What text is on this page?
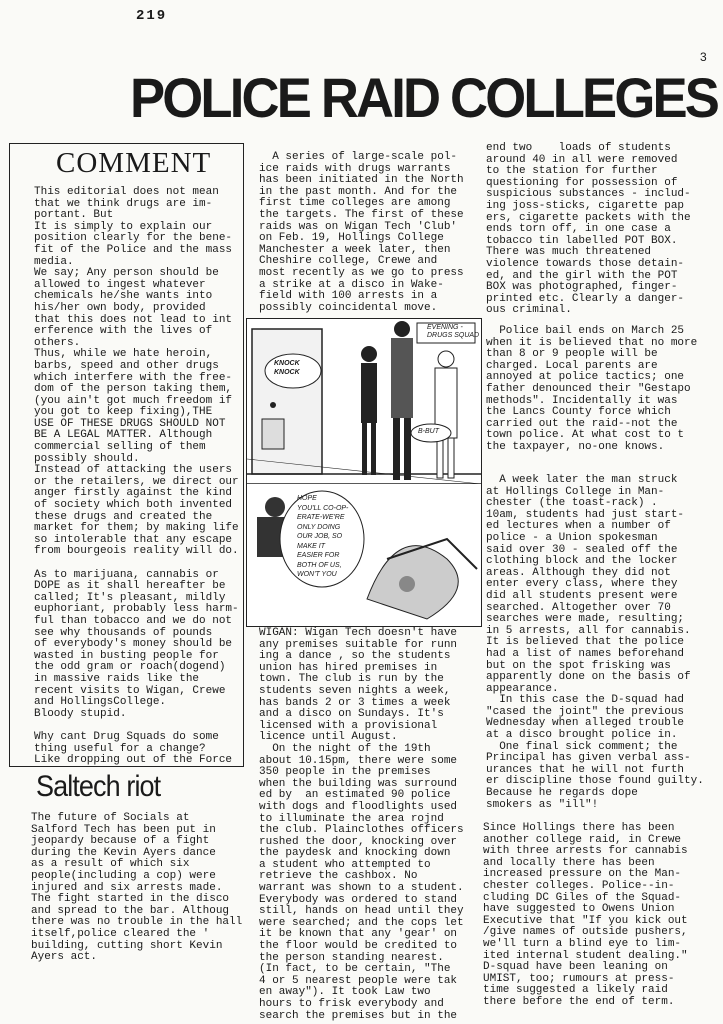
219
3
POLICE RAID COLLEGES
COMMENT
This editorial does not mean
that we think drugs are im-
portant. But
It is simply to explain our
position clearly for the bene-
fit of the Police and the mass
media.
We say; Any person should be
allowed to ingest whatever
chemicals he/she wants into
his/her own body, provided
that this does not lead to int
erference with the lives of
others.
Thus, while we hate heroin,
barbs, speed and other drugs
which interfere with the free-
dom of the person taking them,
(you ain't got much freedom if
you got to keep fixing),THE
USE OF THESE DRUGS SHOULD NOT
BE A LEGAL MATTER. Although
commercial selling of them
possibly should.
Instead of attacking the users
or the retailers, we direct our
anger firstly against the kind
of society which both invented
these drugs and created the
market for them; by making life
so intolerable that any escape
from bourgeois reality will do.

As to marijuana, cannabis or
DOPE as it shall hereafter be
called; It's pleasant, mildly
euphoriant, probably less harm-
ful than tobacco and we do not
see why thousands of pounds
of everybody's money should be
wasted in busting people for
the odd gram or roach(dogend)
in massive raids like the
recent visits to Wigan, Crewe
and HollingsCollege.
Bloody stupid.

Why cant Drug Squads do some
thing useful for a change?
Like dropping out of the Force
Saltech riot
The future of Socials at
Salford Tech has been put in
jeopardy because of a fight
during the Kevin Ayers dance
as a result of which six
people(including a cop) were
injured and six arrests made.
The fight started in the disco
and spread to the bar. Althoug
there was no trouble in the hall
itself,police cleared the '
building, cutting short Kevin
Ayers act.
A series of large-scale pol-
ice raids with drugs warrants
has been initiated in the North
in the past month. And for the
first time colleges are among
the targets. The first of these
raids was on Wigan Tech 'Club'
on Feb. 19, Hollings College
Manchester a week later, then
Cheshire college, Crewe and
most recently as we go to press
a strike at a disco in Wake-
field with 100 arrests in a
possibly coincidental move.
EVENING -
DRUGS SQUAD
KNOCK
KNOCK
B-BUT
HOPE
YOU'LL CO-OP-
ERATE-WE'RE
ONLY DOING
OUR JOB, SO
MAKE IT
EASIER FOR
BOTH OF US,
WON'T YOU
WIGAN: Wigan Tech doesn't have
any premises suitable for runn
ing a dance , so the students
union has hired premises in
town. The club is run by the
students seven nights a week,
has bands 2 or 3 times a week
and a disco on Sundays. It's
licensed with a provisional
licence until August.
On the night of the 19th
about 10.15pm, there were some
350 people in the premises
when the building was surround
ed by  an estimated 90 police
with dogs and floodlights used
to illuminate the area rojnd
the club. Plainclothes officers
rushed the door, knocking over
the paydesk and knocking down
a student who attempted to
retrieve the cashbox. No
warrant was shown to a student.
Everybody was ordered to stand
still, hands on head until they
were searched; and the cops let
it be known that any 'gear' on
the floor would be credited to
the person standing nearest.
(In fact, to be certain, "The
4 or 5 nearest people were tak
en away"). It took Law two
hours to frisk everybody and
search the premises but in the
end two    loads of students
around 40 in all were removed
to the station for further
questioning for possession of
suspicious substances - includ-
ing joss-sticks, cigarette pap
ers, cigarette packets with the
ends torn off, in one case a
tobacco tin labelled POT BOX.
There was much threatened
violence towards those detain-
ed, and the girl with the POT
BOX was photographed, finger-
printed etc. Clearly a danger-
ous criminal.
Police bail ends on March 25
when it is believed that no more
than 8 or 9 people will be
charged. Local parents are
annoyed at police tactics; one
father denounced their "Gestapo
methods". Incidentally it was
the Lancs County force which
carried out the raid--not the
town police. At what cost to t
the taxpayer, no-one knows.
A week later the man struck
at Hollings College in Man-
chester (the toast-rack) .
10am, students had just start-
ed lectures when a number of
police - a Union spokesman
said over 30 - sealed off the
clothing block and the locker
areas. Although they did not
enter every class, where they
did all students present were
searched. Altogether over 70
searches were made, resulting;
in 5 arrests, all for cannabis.
It is believed that the police
had a list of names beforehand
but on the spot frisking was
apparently done on the basis of
appearance.
In this case the D-squad had
"cased the joint" the previous
Wednesday when alleged trouble
at a disco brought police in.
One final sick comment; the
Principal has given verbal ass-
urances that he will not furth
er discipline those found guilty.
Because he regards dope
smokers as "ill"!
Since Hollings there has been
another college raid, in Crewe
with three arrests for cannabis
and locally there has been
increased pressure on the Man-
chester colleges. Police--in-
cluding DC Giles of the Squad-
have suggested to Owens Union
Executive that "If you kick out
/give names of outside pushers,
we'll turn a blind eye to lim-
ited internal student dealing."
D-squad have been leaning on
UMIST, too; rumours at press-
time suggested a likely raid
there before the end of term.
